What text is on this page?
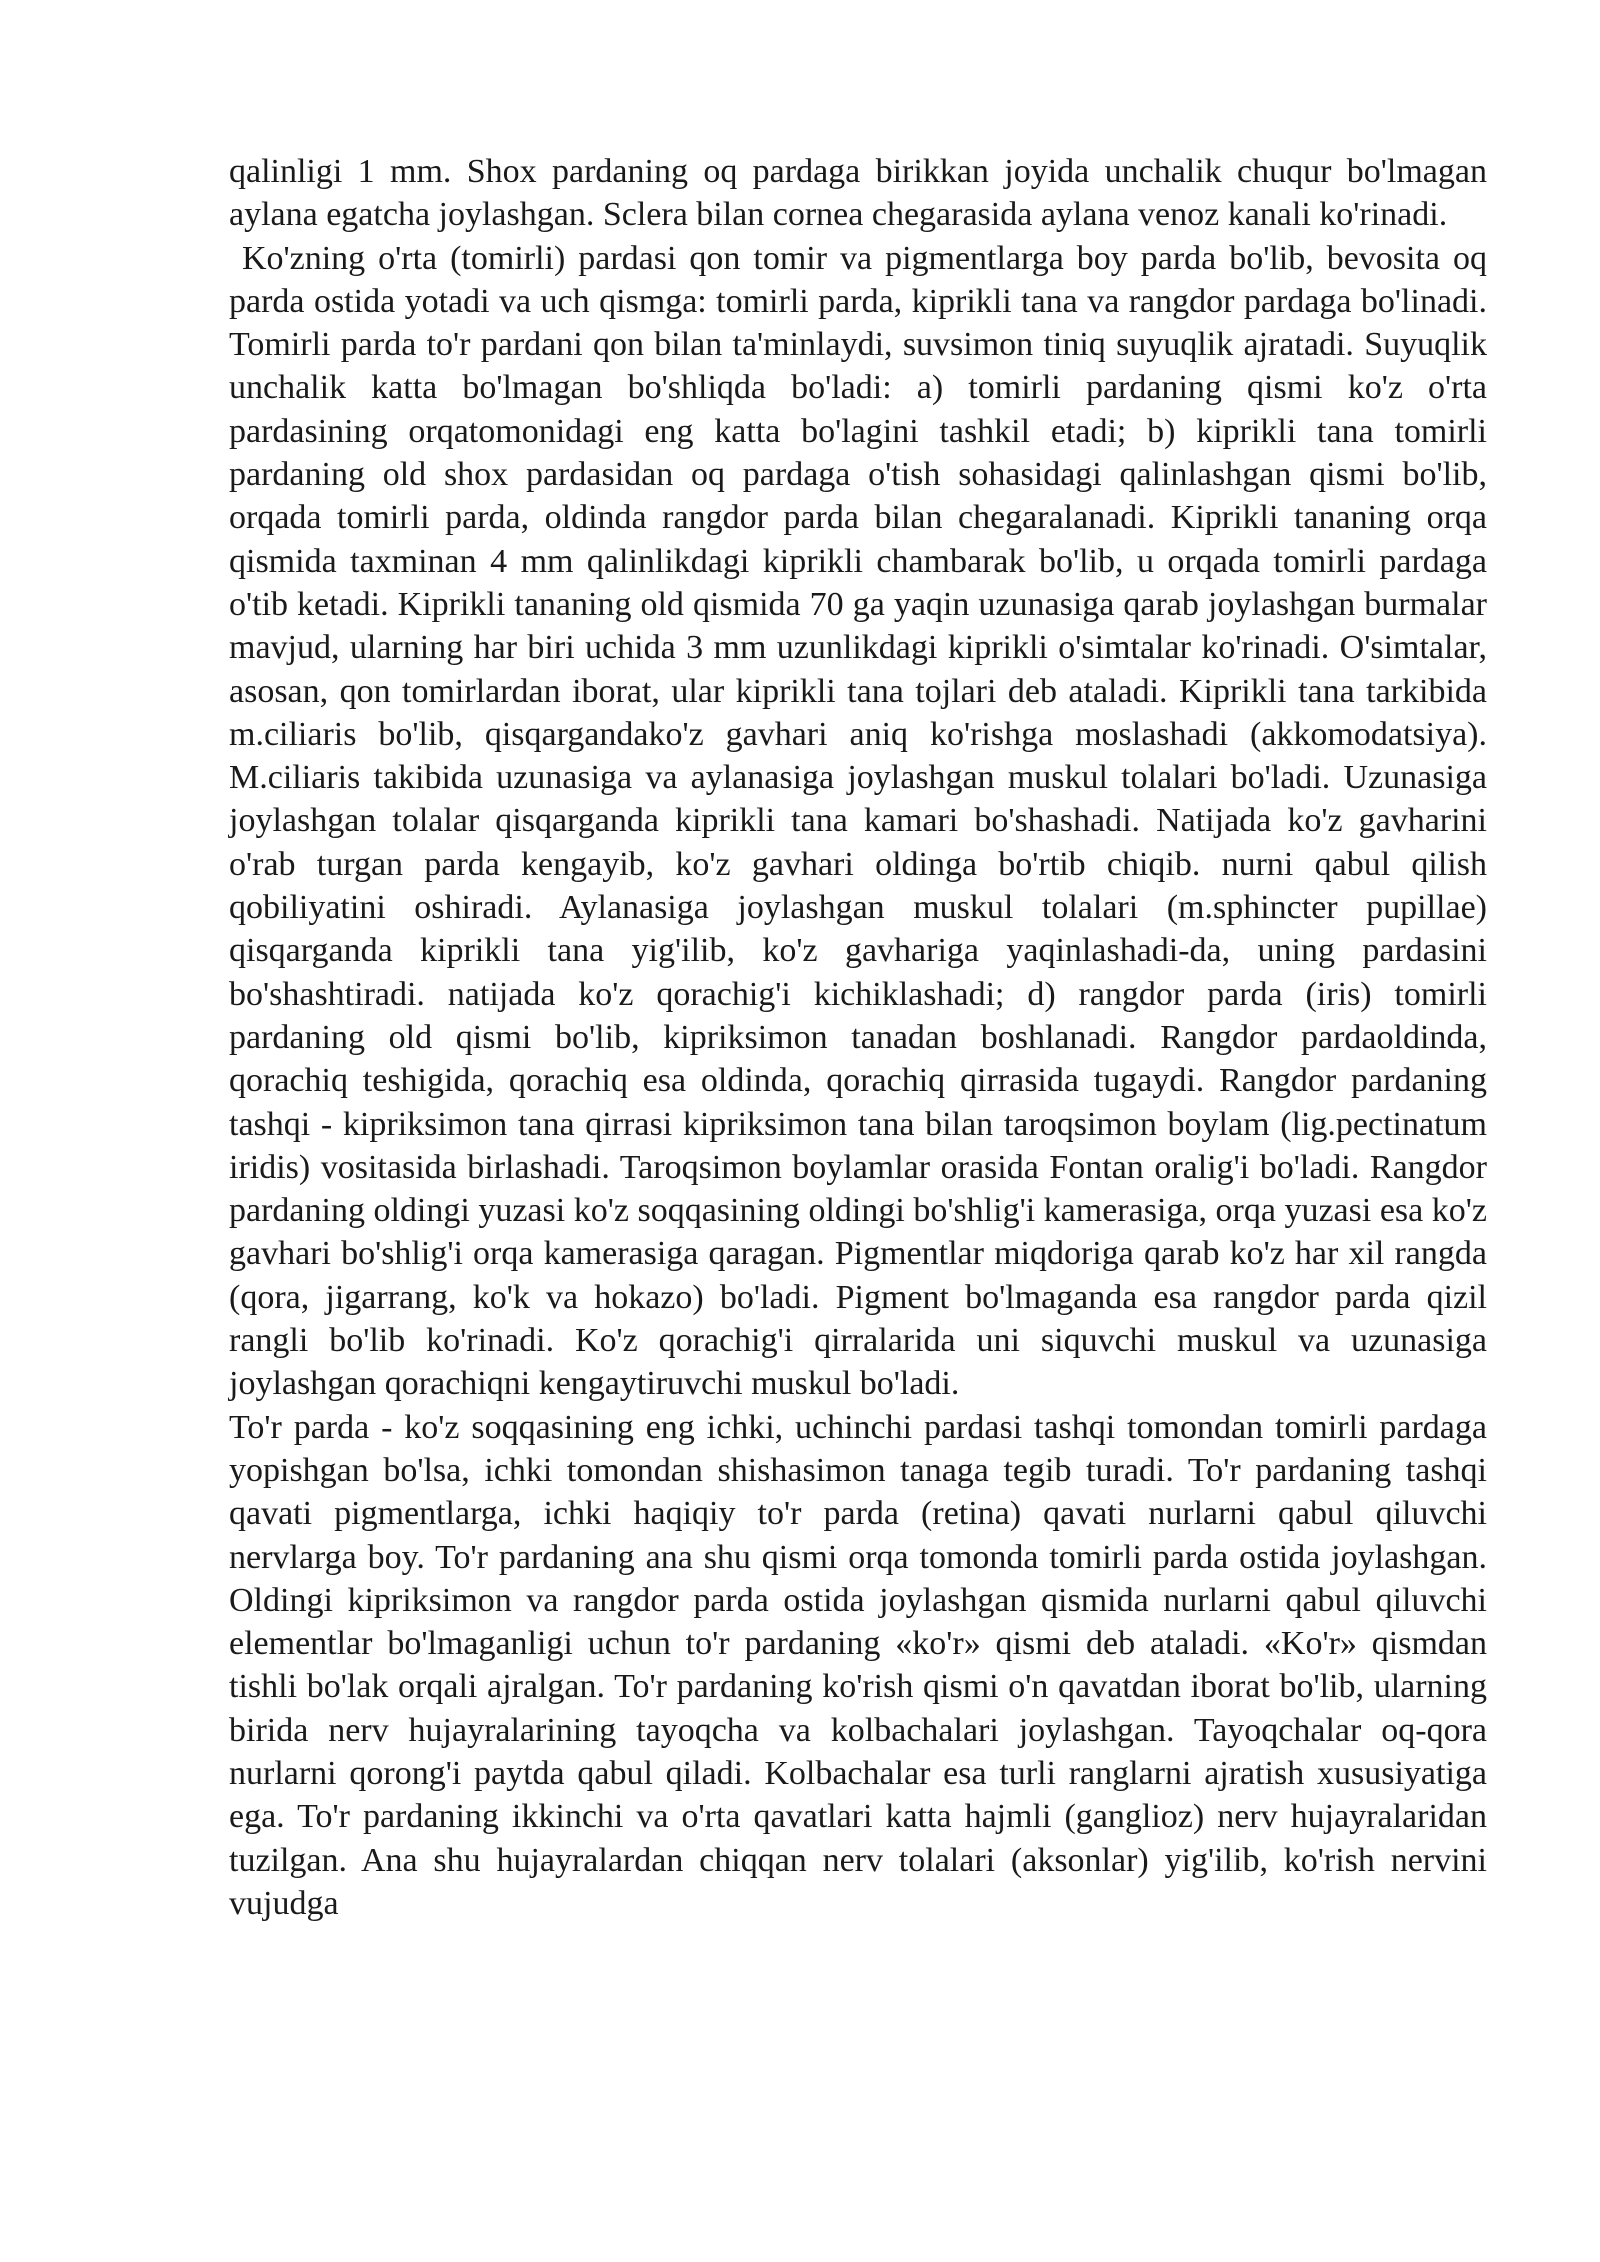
qalinligi 1 mm. Shox pardaning oq pardaga birikkan joyida unchalik chuqur bo'lmagan aylana egatcha joylashgan. Sclera bilan cornea chegarasida aylana venoz kanali ko'rinadi.

Ko'zning o'rta (tomirli) pardasi qon tomir va pigmentlarga boy parda bo'lib, bevosita oq parda ostida yotadi va uch qismga: tomirli parda, kiprikli tana va rangdor pardaga bo'linadi. Tomirli parda to'r pardani qon bilan ta'minlaydi, suvsimon tiniq suyuqlik ajratadi. Suyuqlik unchalik katta bo'lmagan bo'shliqda bo'ladi: a) tomirli pardaning qismi ko'z o'rta pardasining orqatomonidagi eng katta bo'lagini tashkil etadi; b) kiprikli tana tomirli pardaning old shox pardasidan oq pardaga o'tish sohasidagi qalinlashgan qismi bo'lib, orqada tomirli parda, oldinda rangdor parda bilan chegaralanadi. Kiprikli tananing orqa qismida taxminan 4 mm qalinlikdagi kiprikli chambarak bo'lib, u orqada tomirli pardaga o'tib ketadi. Kiprikli tananing old qismida 70 ga yaqin uzunasiga qarab joylashgan burmalar mavjud, ularning har biri uchida 3 mm uzunlikdagi kiprikli o'simtalar ko'rinadi. O'simtalar, asosan, qon tomirlardan iborat, ular kiprikli tana tojlari deb ataladi. Kiprikli tana tarkibida m.ciliaris bo'lib, qisqargandako'z gavhari aniq ko'rishga moslashadi (akkomodatsiya). M.ciliaris takibida uzunasiga va aylanasiga joylashgan muskul tolalari bo'ladi. Uzunasiga joylashgan tolalar qisqarganda kiprikli tana kamari bo'shashadi. Natijada ko'z gavharini o'rab turgan parda kengayib, ko'z gavhari oldinga bo'rtib chiqib. nurni qabul qilish qobiliyatini oshiradi. Aylanasiga joylashgan muskul tolalari (m.sphincter pupillae) qisqarganda kiprikli tana yig'ilib, ko'z gavhariga yaqinlashadi-da, uning pardasini bo'shashtiradi. natijada ko'z qorachig'i kichiklashadi; d) rangdor parda (iris) tomirli pardaning old qismi bo'lib, kipriksimon tanadan boshlanadi. Rangdor pardaoldinda, qorachiq teshigida, qorachiq esa oldinda, qorachiq qirrasida tugaydi. Rangdor pardaning tashqi - kipriksimon tana qirrasi kipriksimon tana bilan taroqsimon boylam (lig.pectinatum iridis) vositasida birlashadi. Taroqsimon boylamlar orasida Fontan oralig'i bo'ladi. Rangdor pardaning oldingi yuzasi ko'z soqqasining oldingi bo'shlig'i kamerasiga, orqa yuzasi esa ko'z gavhari bo'shlig'i orqa kamerasiga qaragan. Pigmentlar miqdoriga qarab ko'z har xil rangda (qora, jigarrang, ko'k va hokazo) bo'ladi. Pigment bo'lmaganda esa rangdor parda qizil rangli bo'lib ko'rinadi. Ko'z qorachig'i qirralarida uni siquvchi muskul va uzunasiga joylashgan qorachiqni kengaytiruvchi muskul bo'ladi.

To'r parda - ko'z soqqasining eng ichki, uchinchi pardasi tashqi tomondan tomirli pardaga yopishgan bo'lsa, ichki tomondan shishasimon tanaga tegib turadi. To'r pardaning tashqi qavati pigmentlarga, ichki haqiqiy to'r parda (retina) qavati nurlarni qabul qiluvchi nervlarga boy. To'r pardaning ana shu qismi orqa tomonda tomirli parda ostida joylashgan. Oldingi kipriksimon va rangdor parda ostida joylashgan qismida nurlarni qabul qiluvchi elementlar bo'lmaganligi uchun to'r pardaning «ko'r» qismi deb ataladi. «Ko'r» qismdan tishli bo'lak orqali ajralgan. To'r pardaning ko'rish qismi o'n qavatdan iborat bo'lib, ularning birida nerv hujayralarining tayoqcha va kolbachalari joylashgan. Tayoqchalar oq-qora nurlarni qorong'i paytda qabul qiladi. Kolbachalar esa turli ranglarni ajratish xususiyatiga ega. To'r pardaning ikkinchi va o'rta qavatlari katta hajmli (ganglioz) nerv hujayralaridan tuzilgan. Ana shu hujayralardan chiqqan nerv tolalari (aksonlar) yig'ilib, ko'rish nervini vujudga
